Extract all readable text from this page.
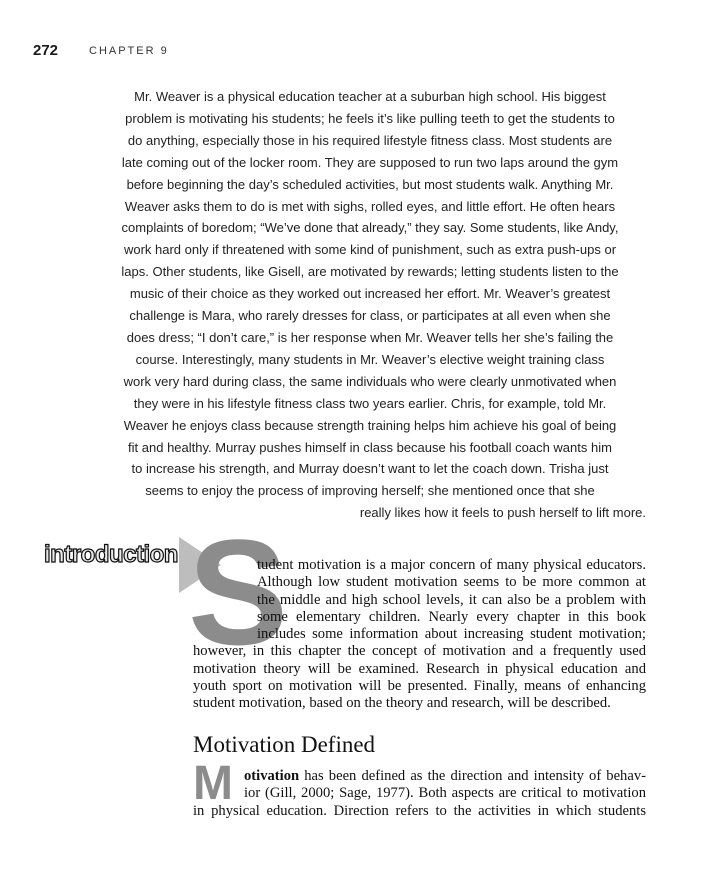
272	CHAPTER 9

Mr. Weaver is a physical education teacher at a suburban high school. His biggest
problem is motivating his students; he feels it’s like pulling teeth to get the students to
do anything, especially those in his required lifestyle fitness class. Most students are
late coming out of the locker room. They are supposed to run two laps around the gym
before beginning the day’s scheduled activities, but most students walk. Anything Mr.
Weaver asks them to do is met with sighs, rolled eyes, and little effort. He often hears
complaints of boredom; “We’ve done that already,” they say. Some students, like Andy,
work hard only if threatened with some kind of punishment, such as extra push-ups or
laps. Other students, like Gisell, are motivated by rewards; letting students listen to the
music of their choice as they worked out increased her effort. Mr. Weaver’s greatest
challenge is Mara, who rarely dresses for class, or participates at all even when she
does dress; “I don’t care,” is her response when Mr. Weaver tells her she’s failing the
course. Interestingly, many students in Mr. Weaver’s elective weight training class
work very hard during class, the same individuals who were clearly unmotivated when
they were in his lifestyle fitness class two years earlier. Chris, for example, told Mr.
Weaver he enjoys class because strength training helps him achieve his goal of being
fit and healthy. Murray pushes himself in class because his football coach wants him
to increase his strength, and Murray doesn’t want to let the coach down. Trisha just
seems to enjoy the process of improving herself; she mentioned once that she
really likes how it feels to push herself to lift more.

introduction S
tudent motivation is a major concern of many physical educators.
Although low student motivation seems to be more common at
the middle and high school levels, it can also be a problem with
some elementary children. Nearly every chapter in this book
includes some information about increasing student motivation;
however, in this chapter the concept of motivation and a frequently used
motivation theory will be examined. Research in physical education and
youth sport on motivation will be presented. Finally, means of enhancing
student motivation, based on the theory and research, will be described.
Motivation Defined
M otivation has been defined as the direction and intensity of behav-
ior (Gill, 2000; Sage, 1977). Both aspects are critical to motivation
in physical education. Direction refers to the activities in which students
